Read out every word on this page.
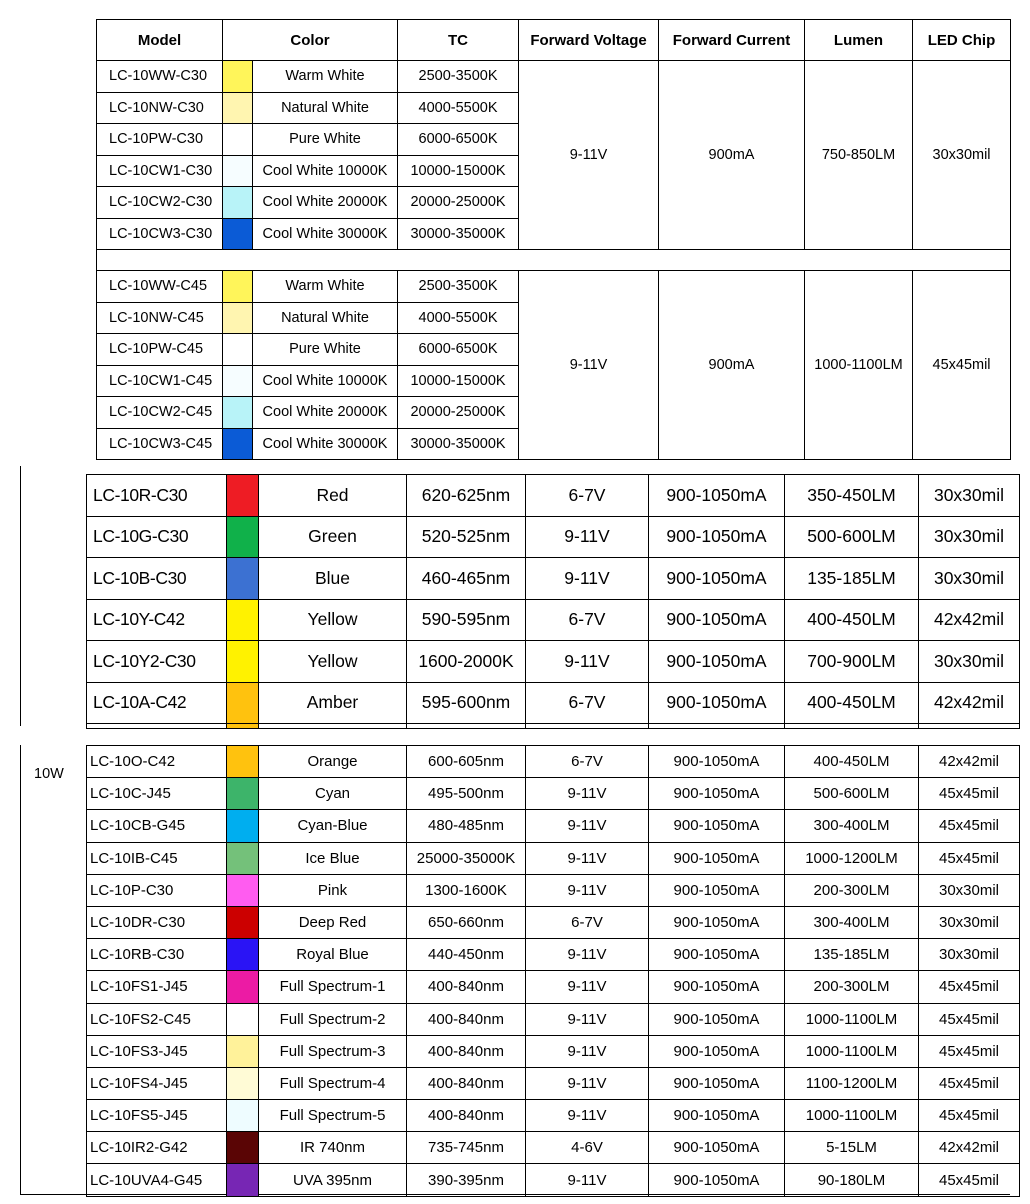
Model	Color		TC	Forward Voltage	Forward Current	Lumen	LED Chip
LC-10WW-C30		Warm White	2500-3500K	9-11V	900mA	750-850LM	30x30mil
LC-10NW-C30		Natural White	4000-5500K				
LC-10PW-C30		Pure White	6000-6500K				
LC-10CW1-C30		Cool White 10000K	10000-15000K				
LC-10CW2-C30		Cool White 20000K	20000-25000K				
LC-10CW3-C30		Cool White 30000K	30000-35000K				

LC-10WW-C45		Warm White	2500-3500K	9-11V	900mA	1000-1100LM	45x45mil
LC-10NW-C45		Natural White	4000-5500K				
LC-10PW-C45		Pure White	6000-6500K				
LC-10CW1-C45		Cool White 10000K	10000-15000K				
LC-10CW2-C45		Cool White 20000K	20000-25000K				
LC-10CW3-C45		Cool White 30000K	30000-35000K				
LC-10R-C30		Red	620-625nm	6-7V	900-1050mA	350-450LM	30x30mil
LC-10G-C30		Green	520-525nm	9-11V	900-1050mA	500-600LM	30x30mil
LC-10B-C30		Blue	460-465nm	9-11V	900-1050mA	135-185LM	30x30mil
LC-10Y-C42		Yellow	590-595nm	6-7V	900-1050mA	400-450LM	42x42mil
LC-10Y2-C30		Yellow	1600-2000K	9-11V	900-1050mA	700-900LM	30x30mil
LC-10A-C42		Amber	595-600nm	6-7V	900-1050mA	400-450LM	42x42mil

10W
LC-10O-C42		Orange	600-605nm	6-7V	900-1050mA	400-450LM	42x42mil
LC-10C-J45		Cyan	495-500nm	9-11V	900-1050mA	500-600LM	45x45mil
LC-10CB-G45		Cyan-Blue	480-485nm	9-11V	900-1050mA	300-400LM	45x45mil
LC-10IB-C45		Ice Blue	25000-35000K	9-11V	900-1050mA	1000-1200LM	45x45mil
LC-10P-C30		Pink	1300-1600K	9-11V	900-1050mA	200-300LM	30x30mil
LC-10DR-C30		Deep Red	650-660nm	6-7V	900-1050mA	300-400LM	30x30mil
LC-10RB-C30		Royal Blue	440-450nm	9-11V	900-1050mA	135-185LM	30x30mil
LC-10FS1-J45		Full Spectrum-1	400-840nm	9-11V	900-1050mA	200-300LM	45x45mil
LC-10FS2-C45		Full Spectrum-2	400-840nm	9-11V	900-1050mA	1000-1100LM	45x45mil
LC-10FS3-J45		Full Spectrum-3	400-840nm	9-11V	900-1050mA	1000-1100LM	45x45mil
LC-10FS4-J45		Full Spectrum-4	400-840nm	9-11V	900-1050mA	1100-1200LM	45x45mil
LC-10FS5-J45		Full Spectrum-5	400-840nm	9-11V	900-1050mA	1000-1100LM	45x45mil
LC-10IR2-G42		IR 740nm	735-745nm	4-6V	900-1050mA	5-15LM	42x42mil
LC-10UVA4-G45		UVA 395nm	390-395nm	9-11V	900-1050mA	90-180LM	45x45mil
